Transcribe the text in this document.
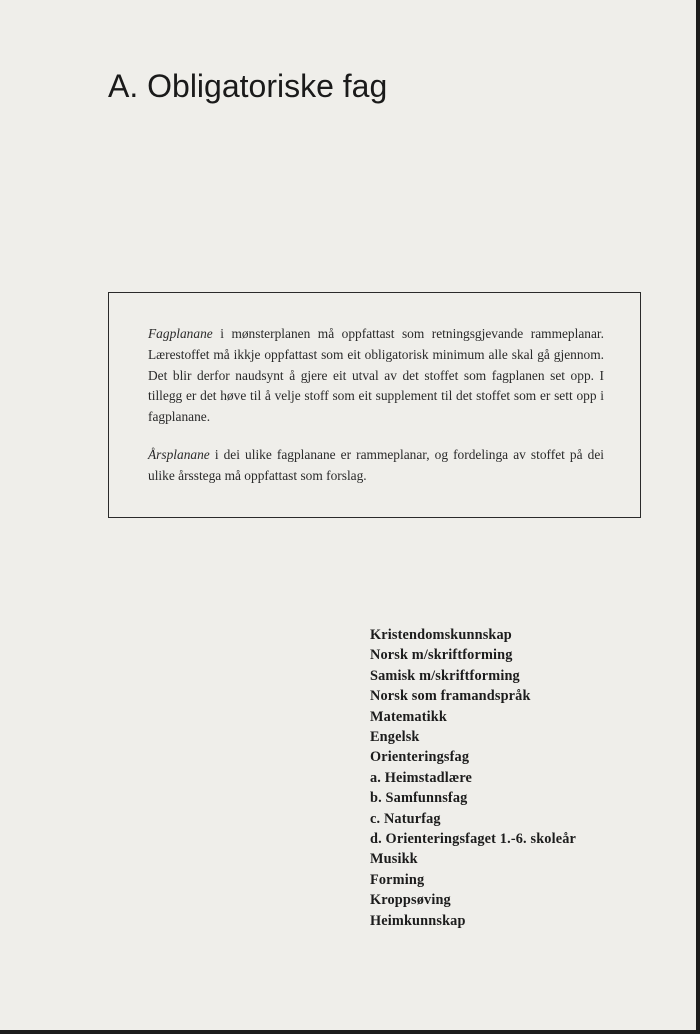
A. Obligatoriske fag

Fagplanane i mønsterplanen må oppfattast som retningsgjevande rammeplanar. Lærestoffet må ikkje oppfattast som eit obligatorisk minimum alle skal gå gjennom. Det blir derfor naudsynt å gjere eit utval av det stoffet som fagplanen set opp. I tillegg er det høve til å velje stoff som eit supplement til det stoffet som er sett opp i fagplanane.

Årsplanane i dei ulike fagplanane er rammeplanar, og fordelinga av stoffet på dei ulike årsstega må oppfattast som forslag.

Kristendomskunnskap
Norsk m/skriftforming
Samisk m/skriftforming
Norsk som framandspråk
Matematikk
Engelsk
Orienteringsfag
a. Heimstadlære
b. Samfunnsfag
c. Naturfag
d. Orienteringsfaget 1.-6. skoleår
Musikk
Forming
Kroppsøving
Heimkunnskap
